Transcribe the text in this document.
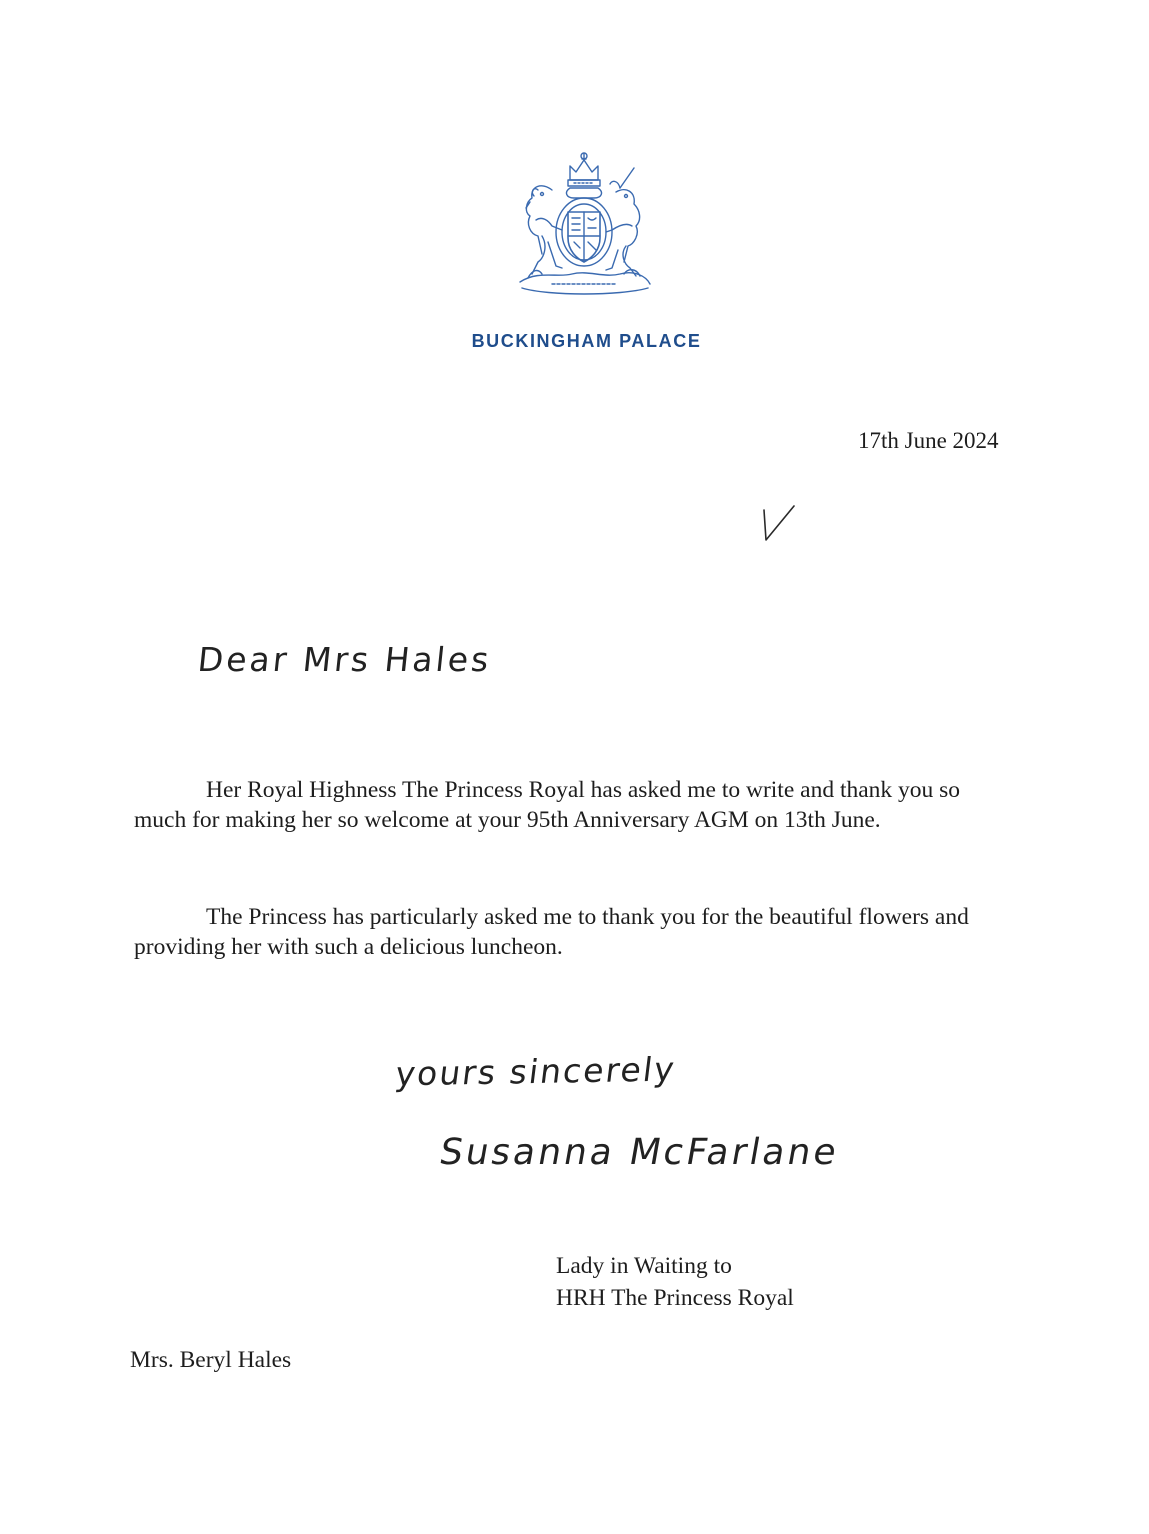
BUCKINGHAM PALACE
17th June 2024
Dear Mrs Hales

Her Royal Highness The Princess Royal has asked me to write and thank you so much for making her so welcome at your 95th Anniversary AGM on 13th June.

The Princess has particularly asked me to thank you for the beautiful flowers and providing her with such a delicious luncheon.

yours sincerely
Susanna McFarlane
Lady in Waiting to
HRH The Princess Royal
Mrs. Beryl Hales
